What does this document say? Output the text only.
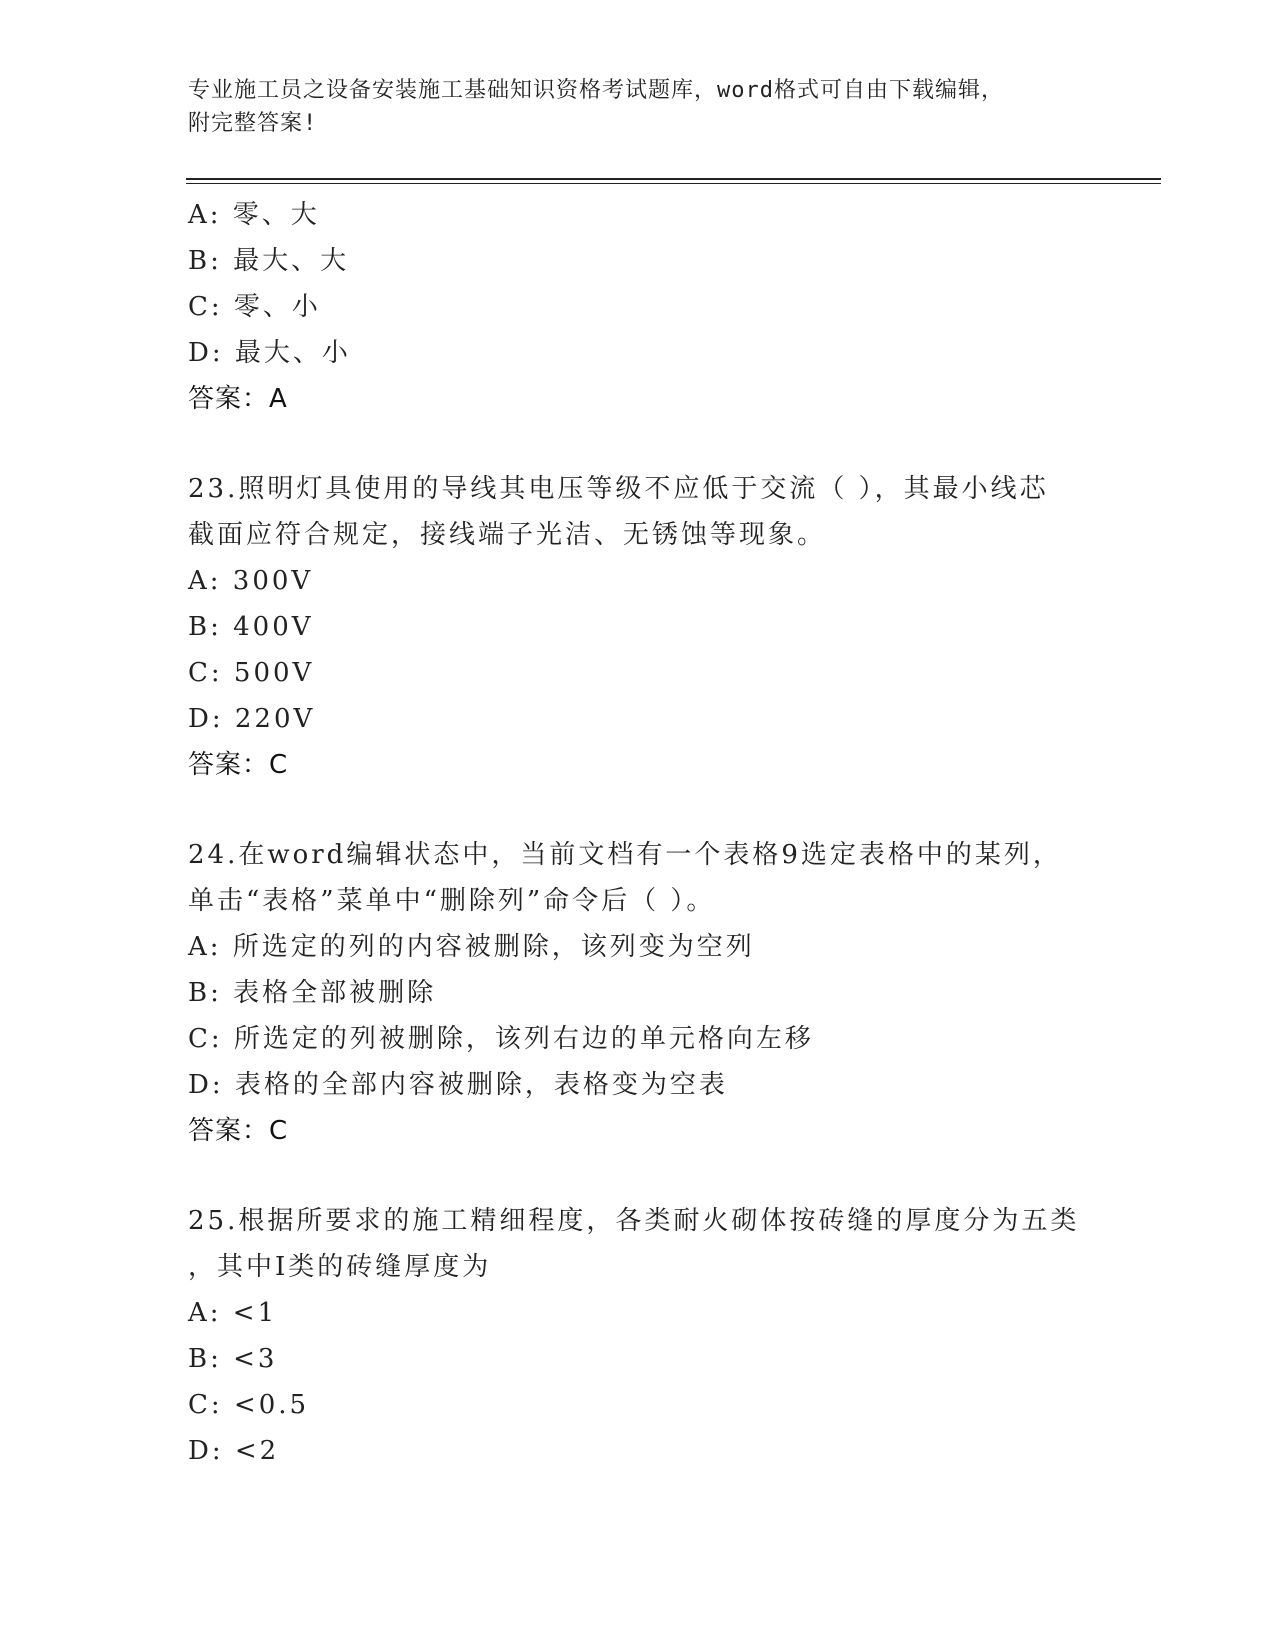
专业施工员之设备安装施工基础知识资格考试题库，word格式可自由下载编辑，
附完整答案!
A: 零、大
B: 最大、大
C: 零、小
D: 最大、小
答案：A
23.照明灯具使用的导线其电压等级不应低于交流（ ），其最小线芯
截面应符合规定，接线端子光洁、无锈蚀等现象。
A: 300V
B: 400V
C: 500V
D: 220V
答案：C
24.在word编辑状态中，当前文档有一个表格9选定表格中的某列，
单击“表格”菜单中“删除列”命令后（ ）。
A: 所选定的列的内容被删除，该列变为空列
B: 表格全部被删除
C: 所选定的列被删除，该列右边的单元格向左移
D: 表格的全部内容被删除，表格变为空表
答案：C
25.根据所要求的施工精细程度，各类耐火砌体按砖缝的厚度分为五类
，其中I类的砖缝厚度为
A: <1
B: <3
C: <0.5
D: <2
